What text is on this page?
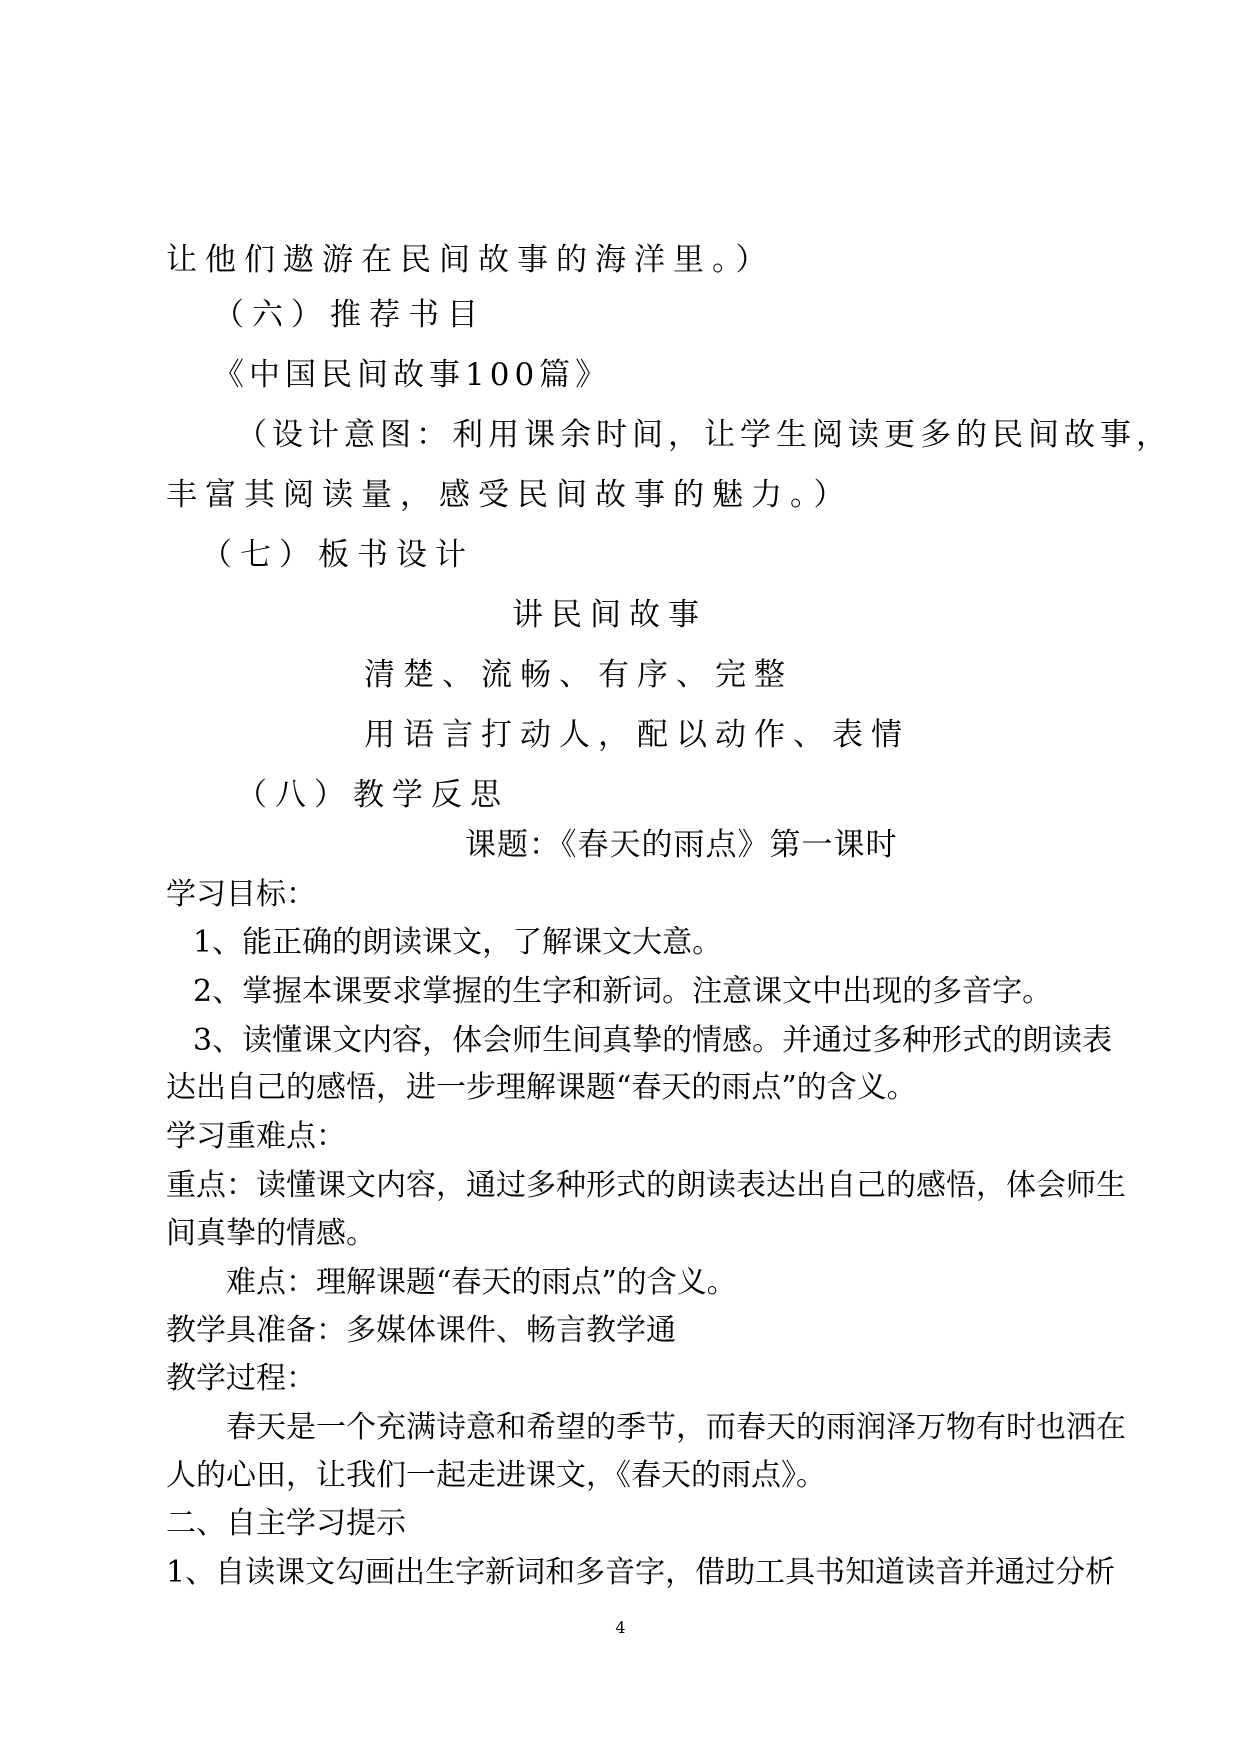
让他们遨游在民间故事的海洋里。）
（六）推荐书目
《中国民间故事100篇》
（设计意图：利用课余时间，让学生阅读更多的民间故事，
丰富其阅读量，感受民间故事的魅力。）
（七）板书设计
讲民间故事
清楚、流畅、有序、完整
用语言打动人，配以动作、表情
（八）教学反思
课题：《春天的雨点》第一课时
学习目标：
1、能正确的朗读课文，了解课文大意。
2、掌握本课要求掌握的生字和新词。注意课文中出现的多音字。
3、读懂课文内容，体会师生间真挚的情感。并通过多种形式的朗读表
达出自己的感悟，进一步理解课题“春天的雨点”的含义。
学习重难点：
重点：读懂课文内容，通过多种形式的朗读表达出自己的感悟，体会师生
间真挚的情感。
难点：理解课题“春天的雨点”的含义。
教学具准备：多媒体课件、畅言教学通
教学过程：
春天是一个充满诗意和希望的季节，而春天的雨润泽万物有时也洒在
人的心田，让我们一起走进课文，《春天的雨点》。
二、自主学习提示
1、自读课文勾画出生字新词和多音字，借助工具书知道读音并通过分析
4
